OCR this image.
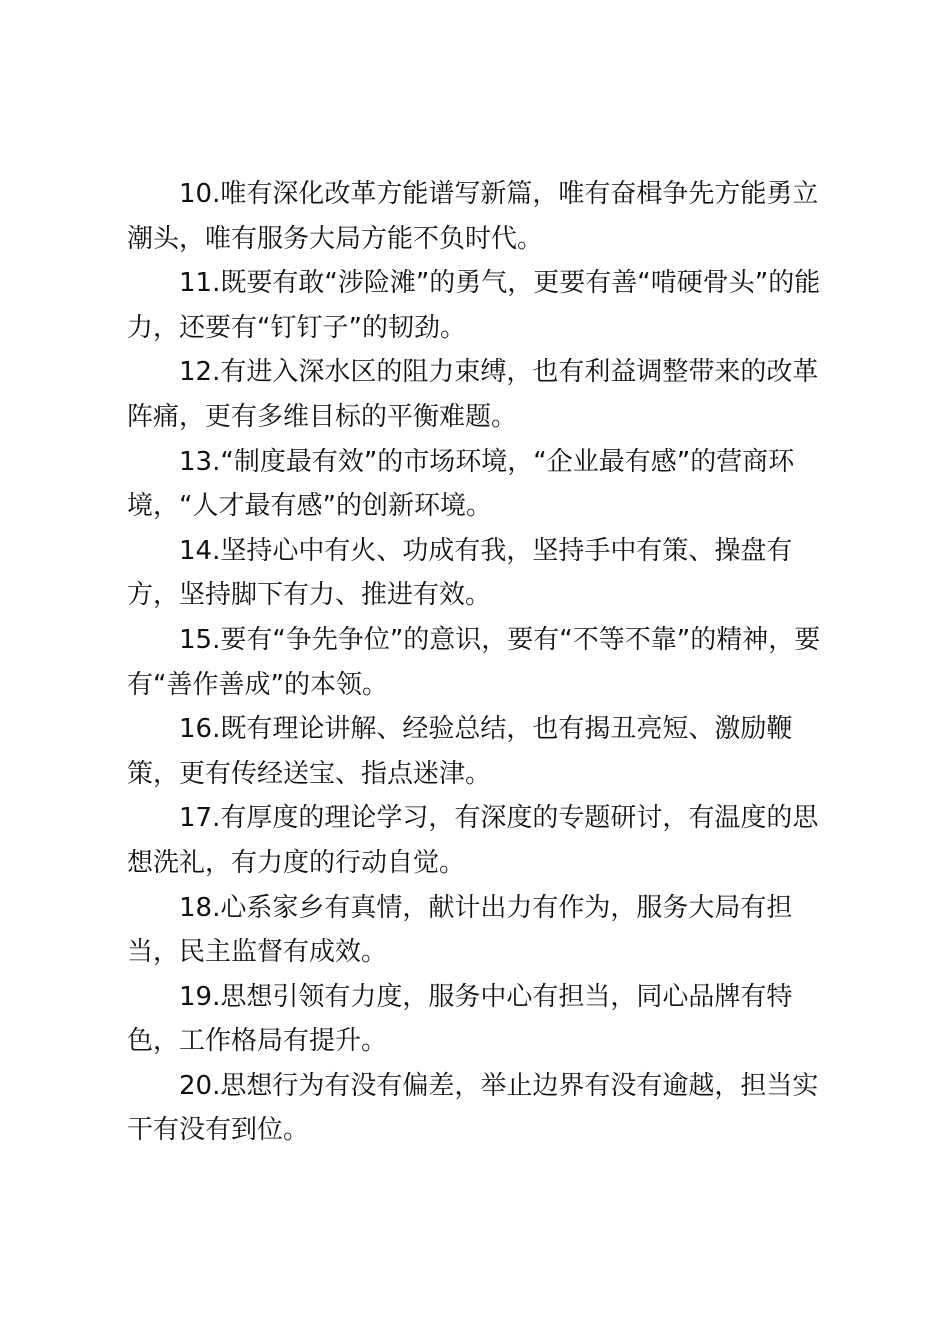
10.唯有深化改革方能谱写新篇，唯有奋楫争先方能勇立潮头，唯有服务大局方能不负时代。

11.既要有敢“涉险滩”的勇气，更要有善“啃硬骨头”的能力，还要有“钉钉子”的韧劲。

12.有进入深水区的阻力束缚，也有利益调整带来的改革阵痛，更有多维目标的平衡难题。

13.“制度最有效”的市场环境，“企业最有感”的营商环境，“人才最有感”的创新环境。

14.坚持心中有火、功成有我，坚持手中有策、操盘有方，坚持脚下有力、推进有效。

15.要有“争先争位”的意识，要有“不等不靠”的精神，要有“善作善成”的本领。

16.既有理论讲解、经验总结，也有揭丑亮短、激励鞭策，更有传经送宝、指点迷津。

17.有厚度的理论学习，有深度的专题研讨，有温度的思想洗礼，有力度的行动自觉。

18.心系家乡有真情，献计出力有作为，服务大局有担当，民主监督有成效。

19.思想引领有力度，服务中心有担当，同心品牌有特色，工作格局有提升。

20.思想行为有没有偏差，举止边界有没有逾越，担当实干有没有到位。
